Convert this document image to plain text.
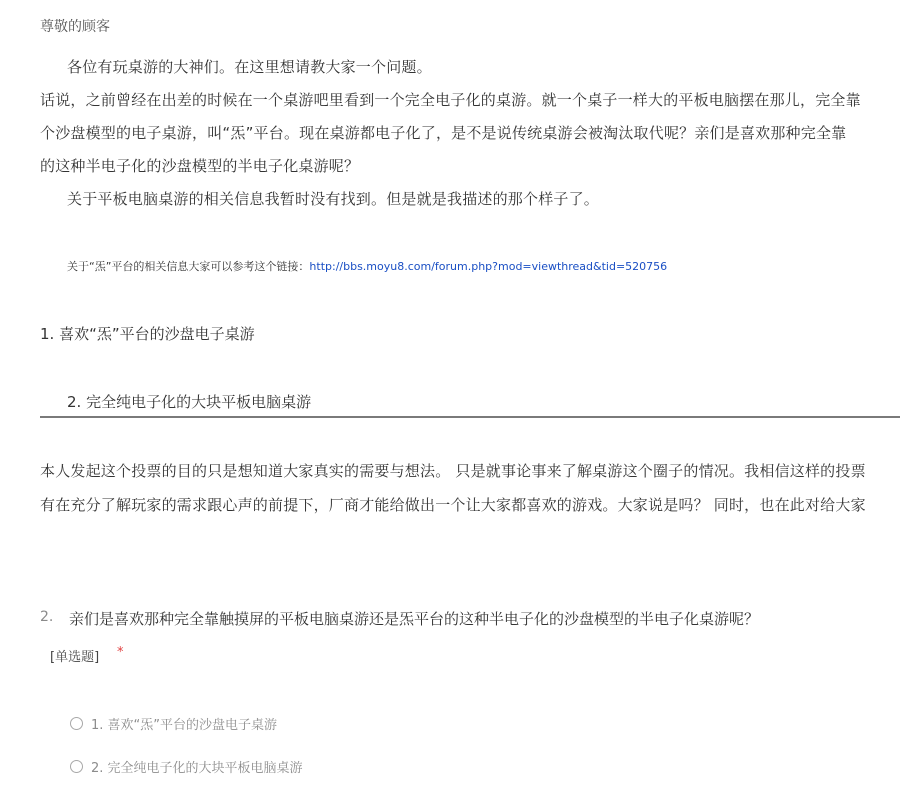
尊敬的顾客
各位有玩桌游的大神们。在这里想请教大家一个问题。
话说，之前曾经在出差的时候在一个桌游吧里看到一个完全电子化的桌游。就一个桌子一样大的平板电脑摆在那儿，完全靠
个沙盘模型的电子桌游，叫“炁”平台。现在桌游都电子化了，是不是说传统桌游会被淘汰取代呢？亲们是喜欢那种完全靠
的这种半电子化的沙盘模型的半电子化桌游呢？
关于平板电脑桌游的相关信息我暂时没有找到。但是就是我描述的那个样子了。
关于“炁”平台的相关信息大家可以参考这个链接：http://bbs.moyu8.com/forum.php?mod=viewthread&tid=520756
1. 喜欢“炁”平台的沙盘电子桌游
2. 完全纯电子化的大块平板电脑桌游
本人发起这个投票的目的只是想知道大家真实的需要与想法。 只是就事论事来了解桌游这个圈子的情况。我相信这样的投票
有在充分了解玩家的需求跟心声的前提下，厂商才能给做出一个让大家都喜欢的游戏。大家说是吗？ 同时，也在此对给大家
2. 亲们是喜欢那种完全靠触摸屏的平板电脑桌游还是炁平台的这种半电子化的沙盘模型的半电子化桌游呢？
[单选题] *
1. 喜欢“炁”平台的沙盘电子桌游
2. 完全纯电子化的大块平板电脑桌游
